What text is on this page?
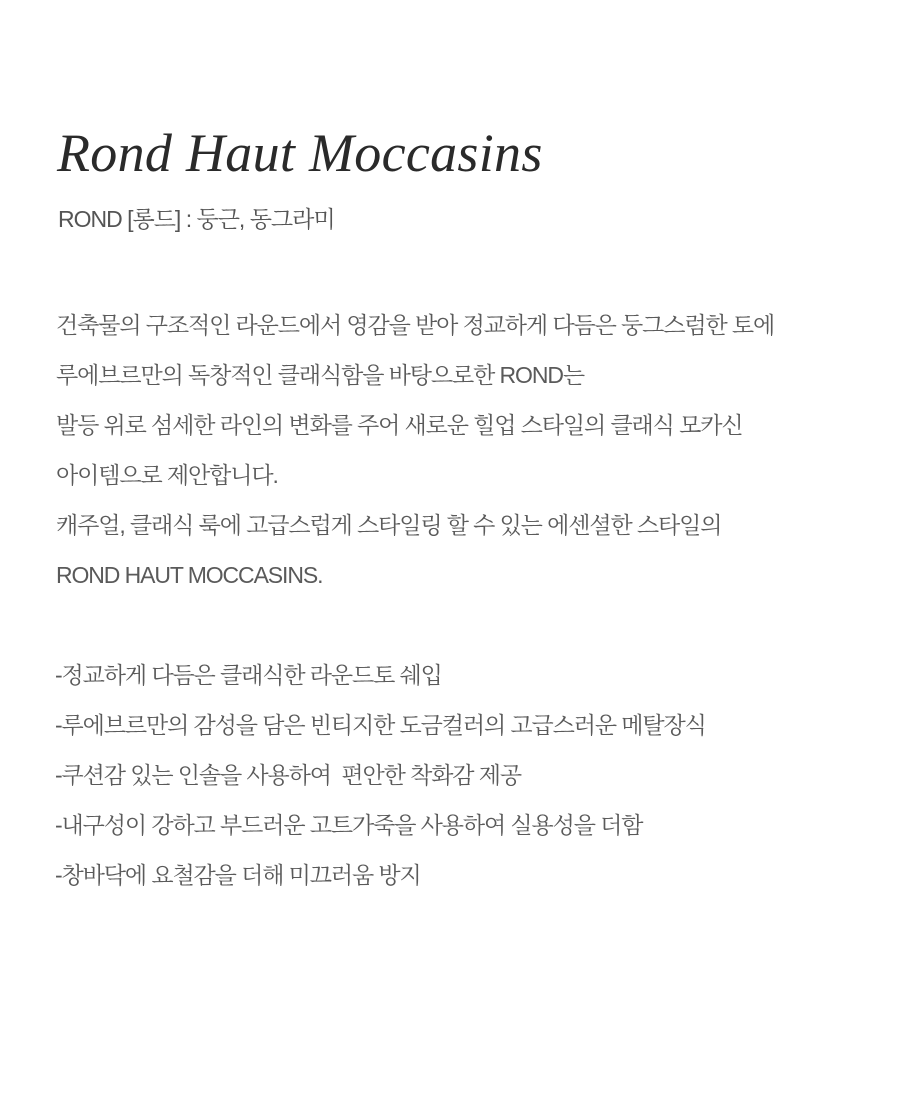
Rond Haut Moccasins

ROND [롱드] : 둥근, 동그라미

건축물의 구조적인 라운드에서 영감을 받아 정교하게 다듬은 둥그스럼한 토에
루에브르만의 독창적인 클래식함을 바탕으로한 ROND는
발등 위로 섬세한 라인의 변화를 주어 새로운 힐업 스타일의 클래식 모카신
아이템으로 제안합니다.
캐주얼, 클래식 룩에 고급스럽게 스타일링 할 수 있는 에센셜한 스타일의
ROND HAUT MOCCASINS.
-정교하게 다듬은 클래식한 라운드토 쉐입
-루에브르만의 감성을 담은 빈티지한 도금컬러의 고급스러운 메탈장식
-쿠션감 있는 인솔을 사용하여  편안한 착화감 제공
-내구성이 강하고 부드러운 고트가죽을 사용하여 실용성을 더함
-창바닥에 요철감을 더해 미끄러움 방지
